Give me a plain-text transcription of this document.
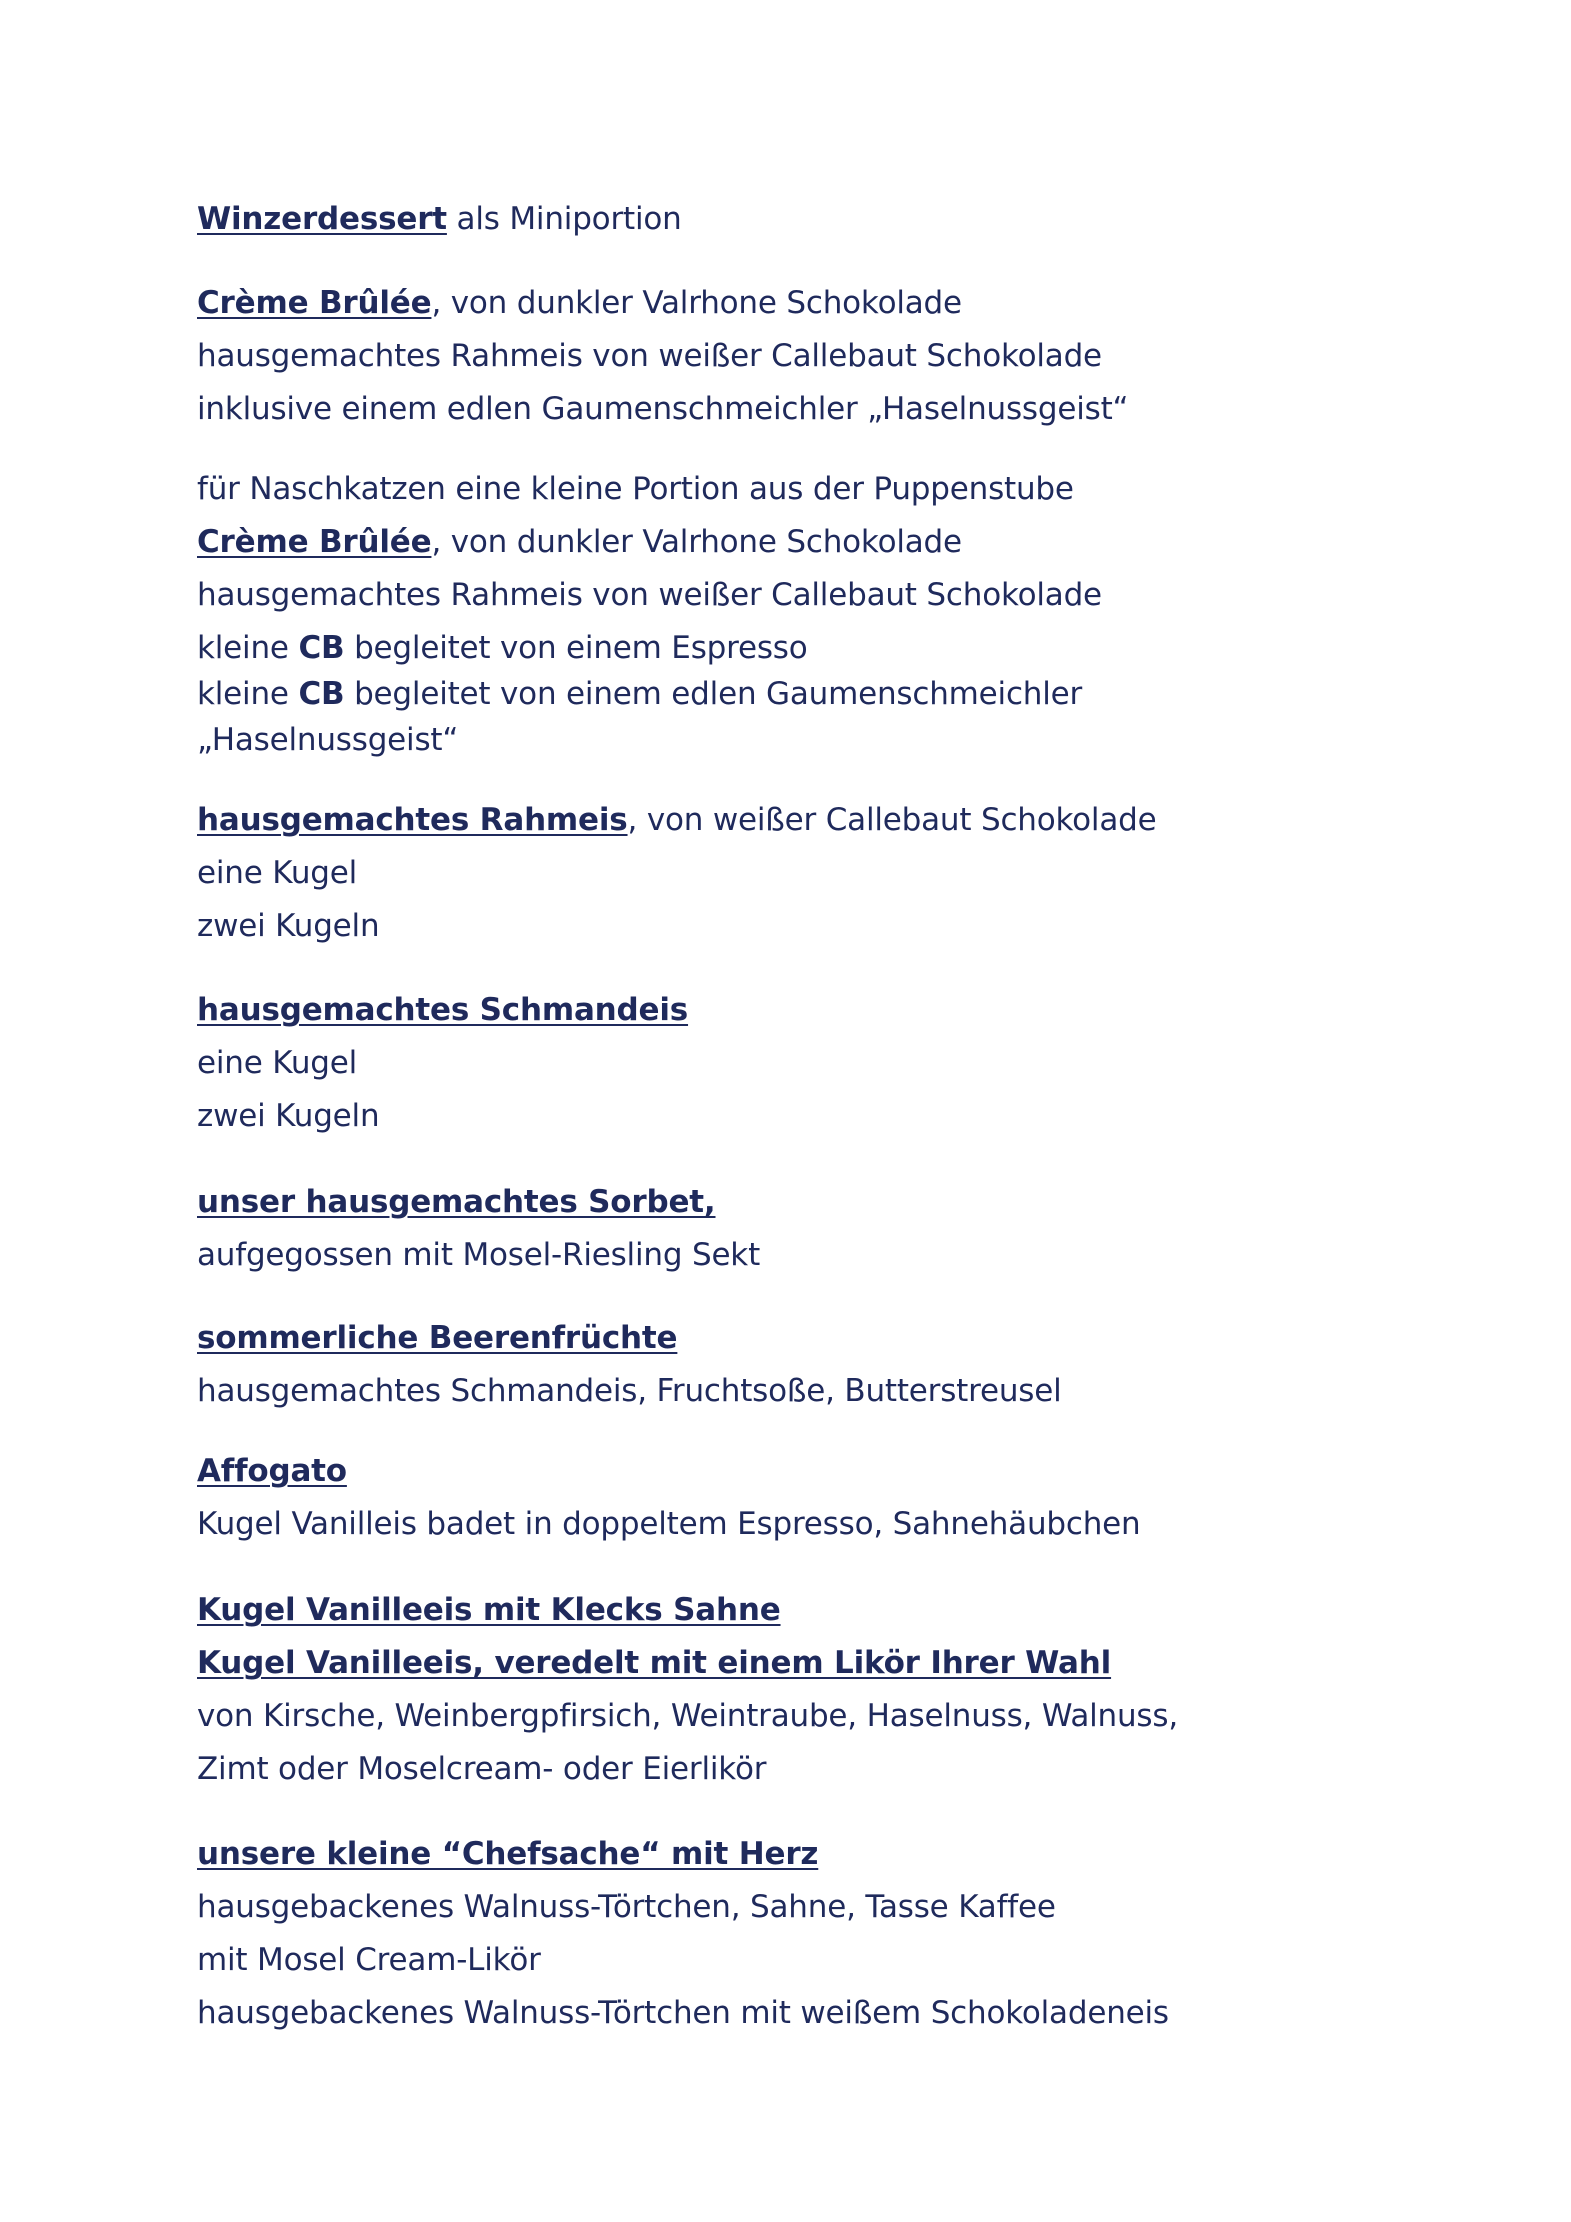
Winzerdessert als Miniportion
Crème Brûlée, von dunkler Valrhone Schokolade
hausgemachtes Rahmeis von weißer Callebaut Schokolade
inklusive einem edlen Gaumenschmeichler „Haselnussgeist“
für Naschkatzen eine kleine Portion aus der Puppenstube
Crème Brûlée, von dunkler Valrhone Schokolade
hausgemachtes Rahmeis von weißer Callebaut Schokolade
kleine CB begleitet von einem Espresso
kleine CB begleitet von einem edlen Gaumenschmeichler
„Haselnussgeist“
hausgemachtes Rahmeis, von weißer Callebaut Schokolade
eine Kugel
zwei Kugeln
hausgemachtes Schmandeis
eine Kugel
zwei Kugeln
unser hausgemachtes Sorbet,
aufgegossen mit Mosel-Riesling Sekt
sommerliche Beerenfrüchte
hausgemachtes Schmandeis, Fruchtsoße, Butterstreusel
Affogato
Kugel Vanilleis badet in doppeltem Espresso, Sahnehäubchen
Kugel Vanilleeis mit Klecks Sahne
Kugel Vanilleeis, veredelt mit einem Likör Ihrer Wahl
von Kirsche, Weinbergpfirsich, Weintraube, Haselnuss, Walnuss,
Zimt oder Moselcream- oder Eierlikör
unsere kleine “Chefsache“ mit Herz
hausgebackenes Walnuss-Törtchen, Sahne, Tasse Kaffee
mit Mosel Cream-Likör
hausgebackenes Walnuss-Törtchen mit weißem Schokoladeneis
